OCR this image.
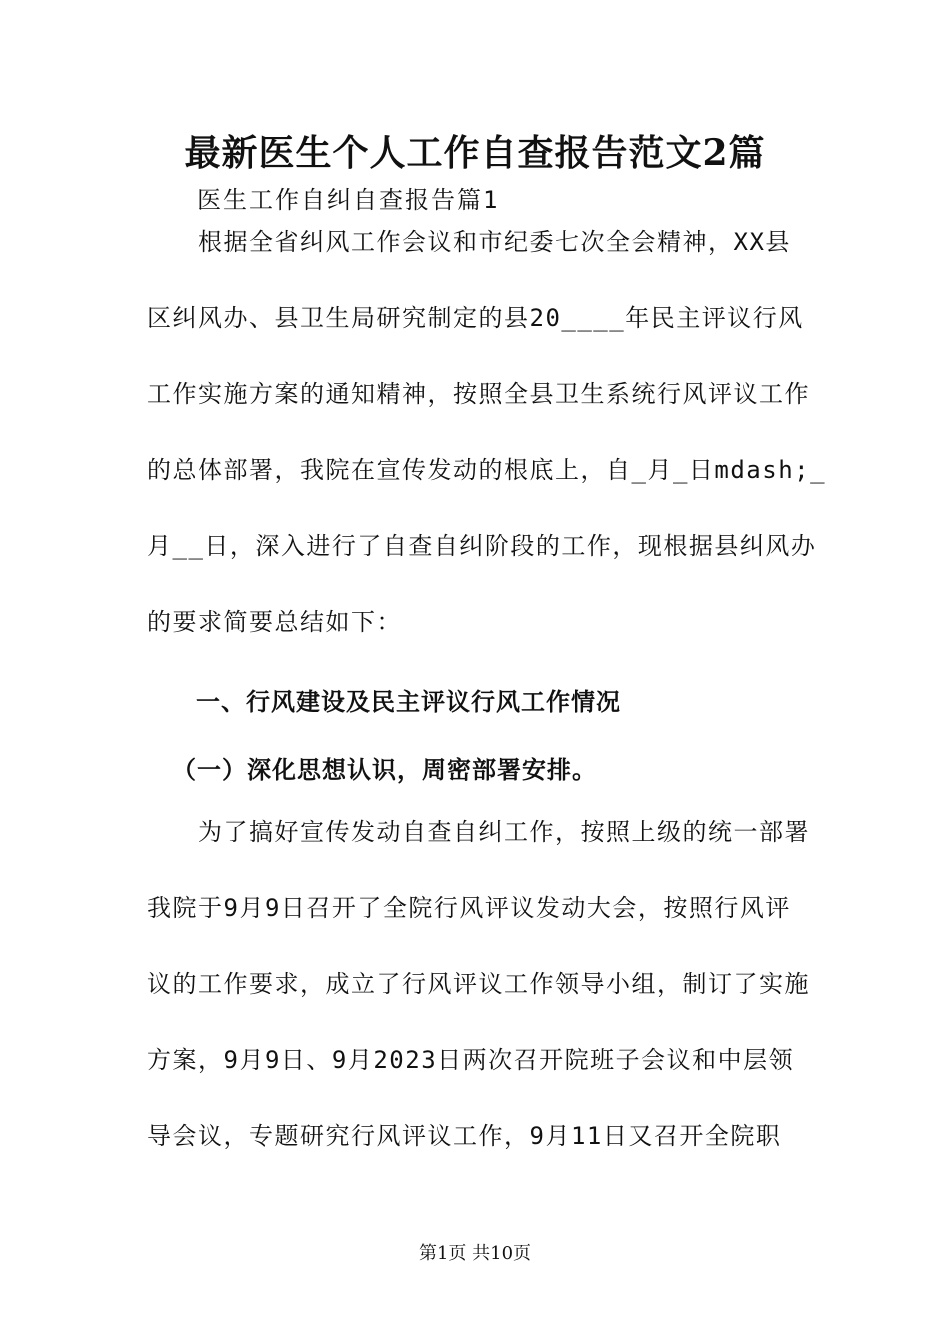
最新医生个人工作自查报告范文2篇
医生工作自纠自查报告篇1
　　根据全省纠风工作会议和市纪委七次全会精神，XX县
区纠风办、县卫生局研究制定的县20____年民主评议行风
工作实施方案的通知精神，按照全县卫生系统行风评议工作
的总体部署，我院在宣传发动的根底上，自_月_日mdash;_
月__日，深入进行了自查自纠阶段的工作，现根据县纠风办
的要求简要总结如下：
一、行风建设及民主评议行风工作情况
（一）深化思想认识，周密部署安排。
　　为了搞好宣传发动自查自纠工作，按照上级的统一部署
我院于9月9日召开了全院行风评议发动大会，按照行风评
议的工作要求，成立了行风评议工作领导小组，制订了实施
方案，9月9日、9月2023日两次召开院班子会议和中层领
导会议，专题研究行风评议工作，9月11日又召开全院职
第1页 共10页
